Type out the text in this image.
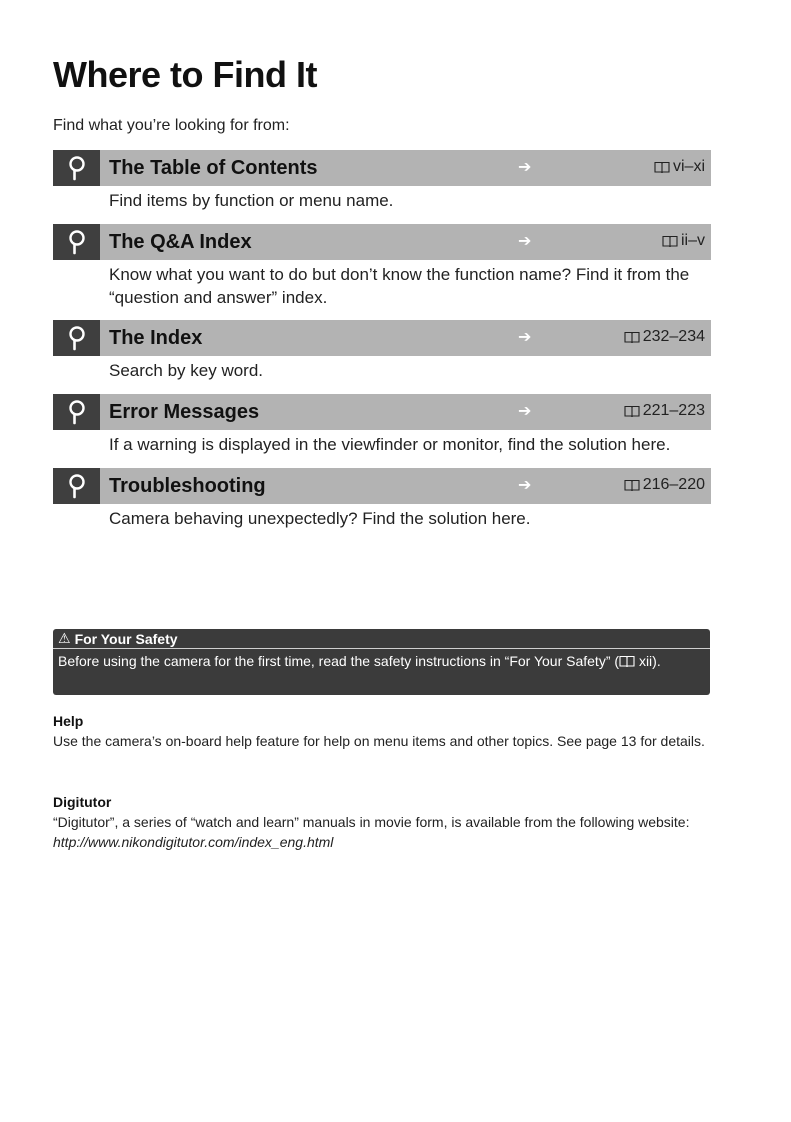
Where to Find It
Find what you’re looking for from:
The Table of Contents	➔	vi–xi
Find items by function or menu name.
The Q&A Index	➔	ii–v
Know what you want to do but don’t know the function name? Find it from the “question and answer” index.
The Index	➔	232–234
Search by key word.
Error Messages	➔	221–223
If a warning is displayed in the viewfinder or monitor, find the solution here.
Troubleshooting	➔	216–220
Camera behaving unexpectedly? Find the solution here.
⚠ For Your Safety
Before using the camera for the first time, read the safety instructions in “For Your Safety” ( xii).
Help
Use the camera’s on-board help feature for help on menu items and other topics. See page 13 for details.
Digitutor
“Digitutor”, a series of “watch and learn” manuals in movie form, is available from the following website: http://www.nikondigitutor.com/index_eng.html
